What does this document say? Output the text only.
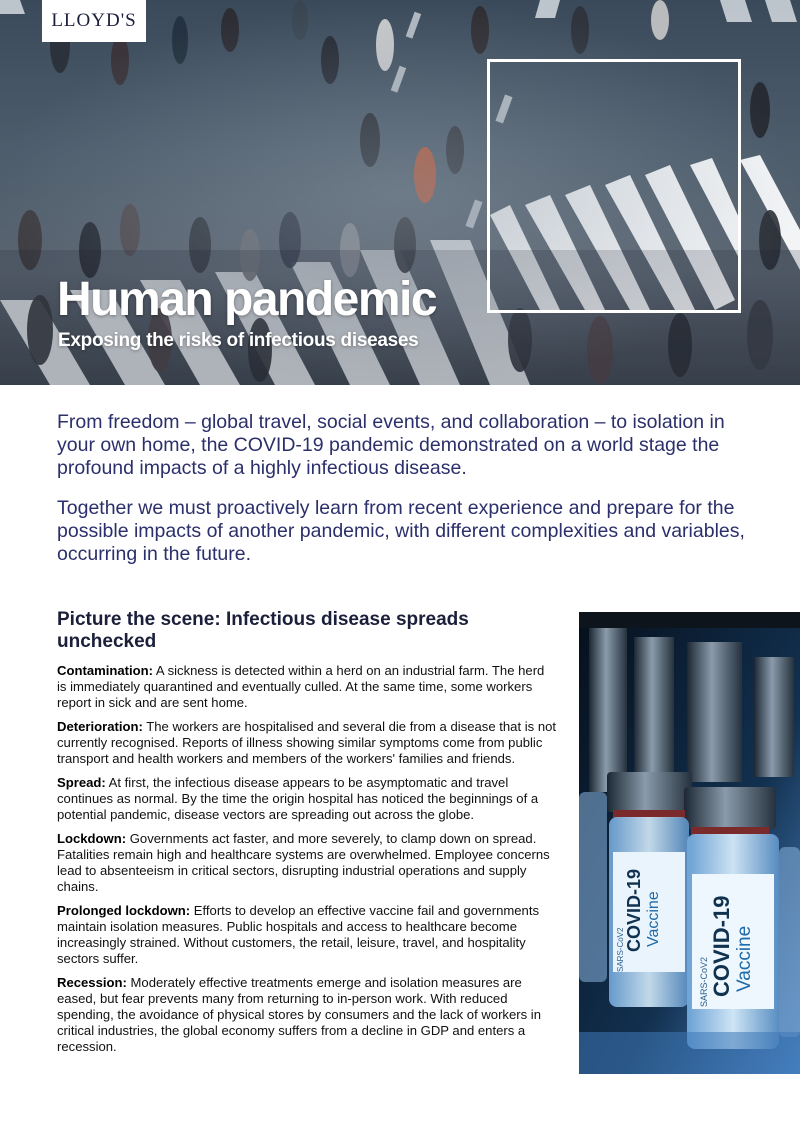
LLOYD'S
Human pandemic

Exposing the risks of infectious diseases

From freedom – global travel, social events, and collaboration – to isolation in your own home, the COVID-19 pandemic demonstrated on a world stage the profound impacts of a highly infectious disease.

Together we must proactively learn from recent experience and prepare for the possible impacts of another pandemic, with different complexities and variables, occurring in the future.

Picture the scene: Infectious disease spreads unchecked

Contamination: A sickness is detected within a herd on an industrial farm. The herd is immediately quarantined and eventually culled. At the same time, some workers report in sick and are sent home.

Deterioration: The workers are hospitalised and several die from a disease that is not currently recognised. Reports of illness showing similar symptoms come from public transport and health workers and members of the workers' families and friends.

Spread: At first, the infectious disease appears to be asymptomatic and travel continues as normal. By the time the origin hospital has noticed the beginnings of a potential pandemic, disease vectors are spreading out across the globe.

Lockdown: Governments act faster, and more severely, to clamp down on spread. Fatalities remain high and healthcare systems are overwhelmed. Employee concerns lead to absenteeism in critical sectors, disrupting industrial operations and supply chains.

Prolonged lockdown: Efforts to develop an effective vaccine fail and governments maintain isolation measures. Public hospitals and access to healthcare become increasingly strained. Without customers, the retail, leisure, travel, and hospitality sectors suffer.

Recession: Moderately effective treatments emerge and isolation measures are eased, but fear prevents many from returning to in-person work. With reduced spending, the avoidance of physical stores by consumers and the lack of workers in critical industries, the global economy suffers from a decline in GDP and enters a recession.

COVID-19 Vaccine
SARS-CoV2	COVID-19 Vaccine
SARS-CoV2
